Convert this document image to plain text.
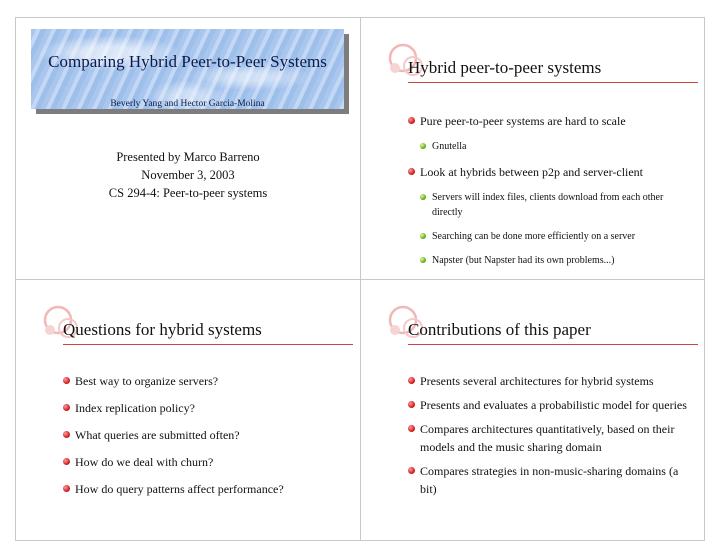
Comparing Hybrid Peer-to-Peer Systems
Beverly Yang and Hector Garcia-Molina
Presented by Marco Barreno
November 3, 2003
CS 294-4: Peer-to-peer systems
Hybrid peer-to-peer systems
Pure peer-to-peer systems are hard to scale
Gnutella
Look at hybrids between p2p and server-client
Servers will index files, clients download from each other directly
Searching can be done more efficiently on a server
Napster (but Napster had its own problems...)
Questions for hybrid systems
Best way to organize servers?
Index replication policy?
What queries are submitted often?
How do we deal with churn?
How do query patterns affect performance?
Contributions of this paper
Presents several architectures for hybrid systems
Presents and evaluates a probabilistic model for queries
Compares architectures quantitatively, based on their models and the music sharing domain
Compares strategies in non-music-sharing domains (a bit)
